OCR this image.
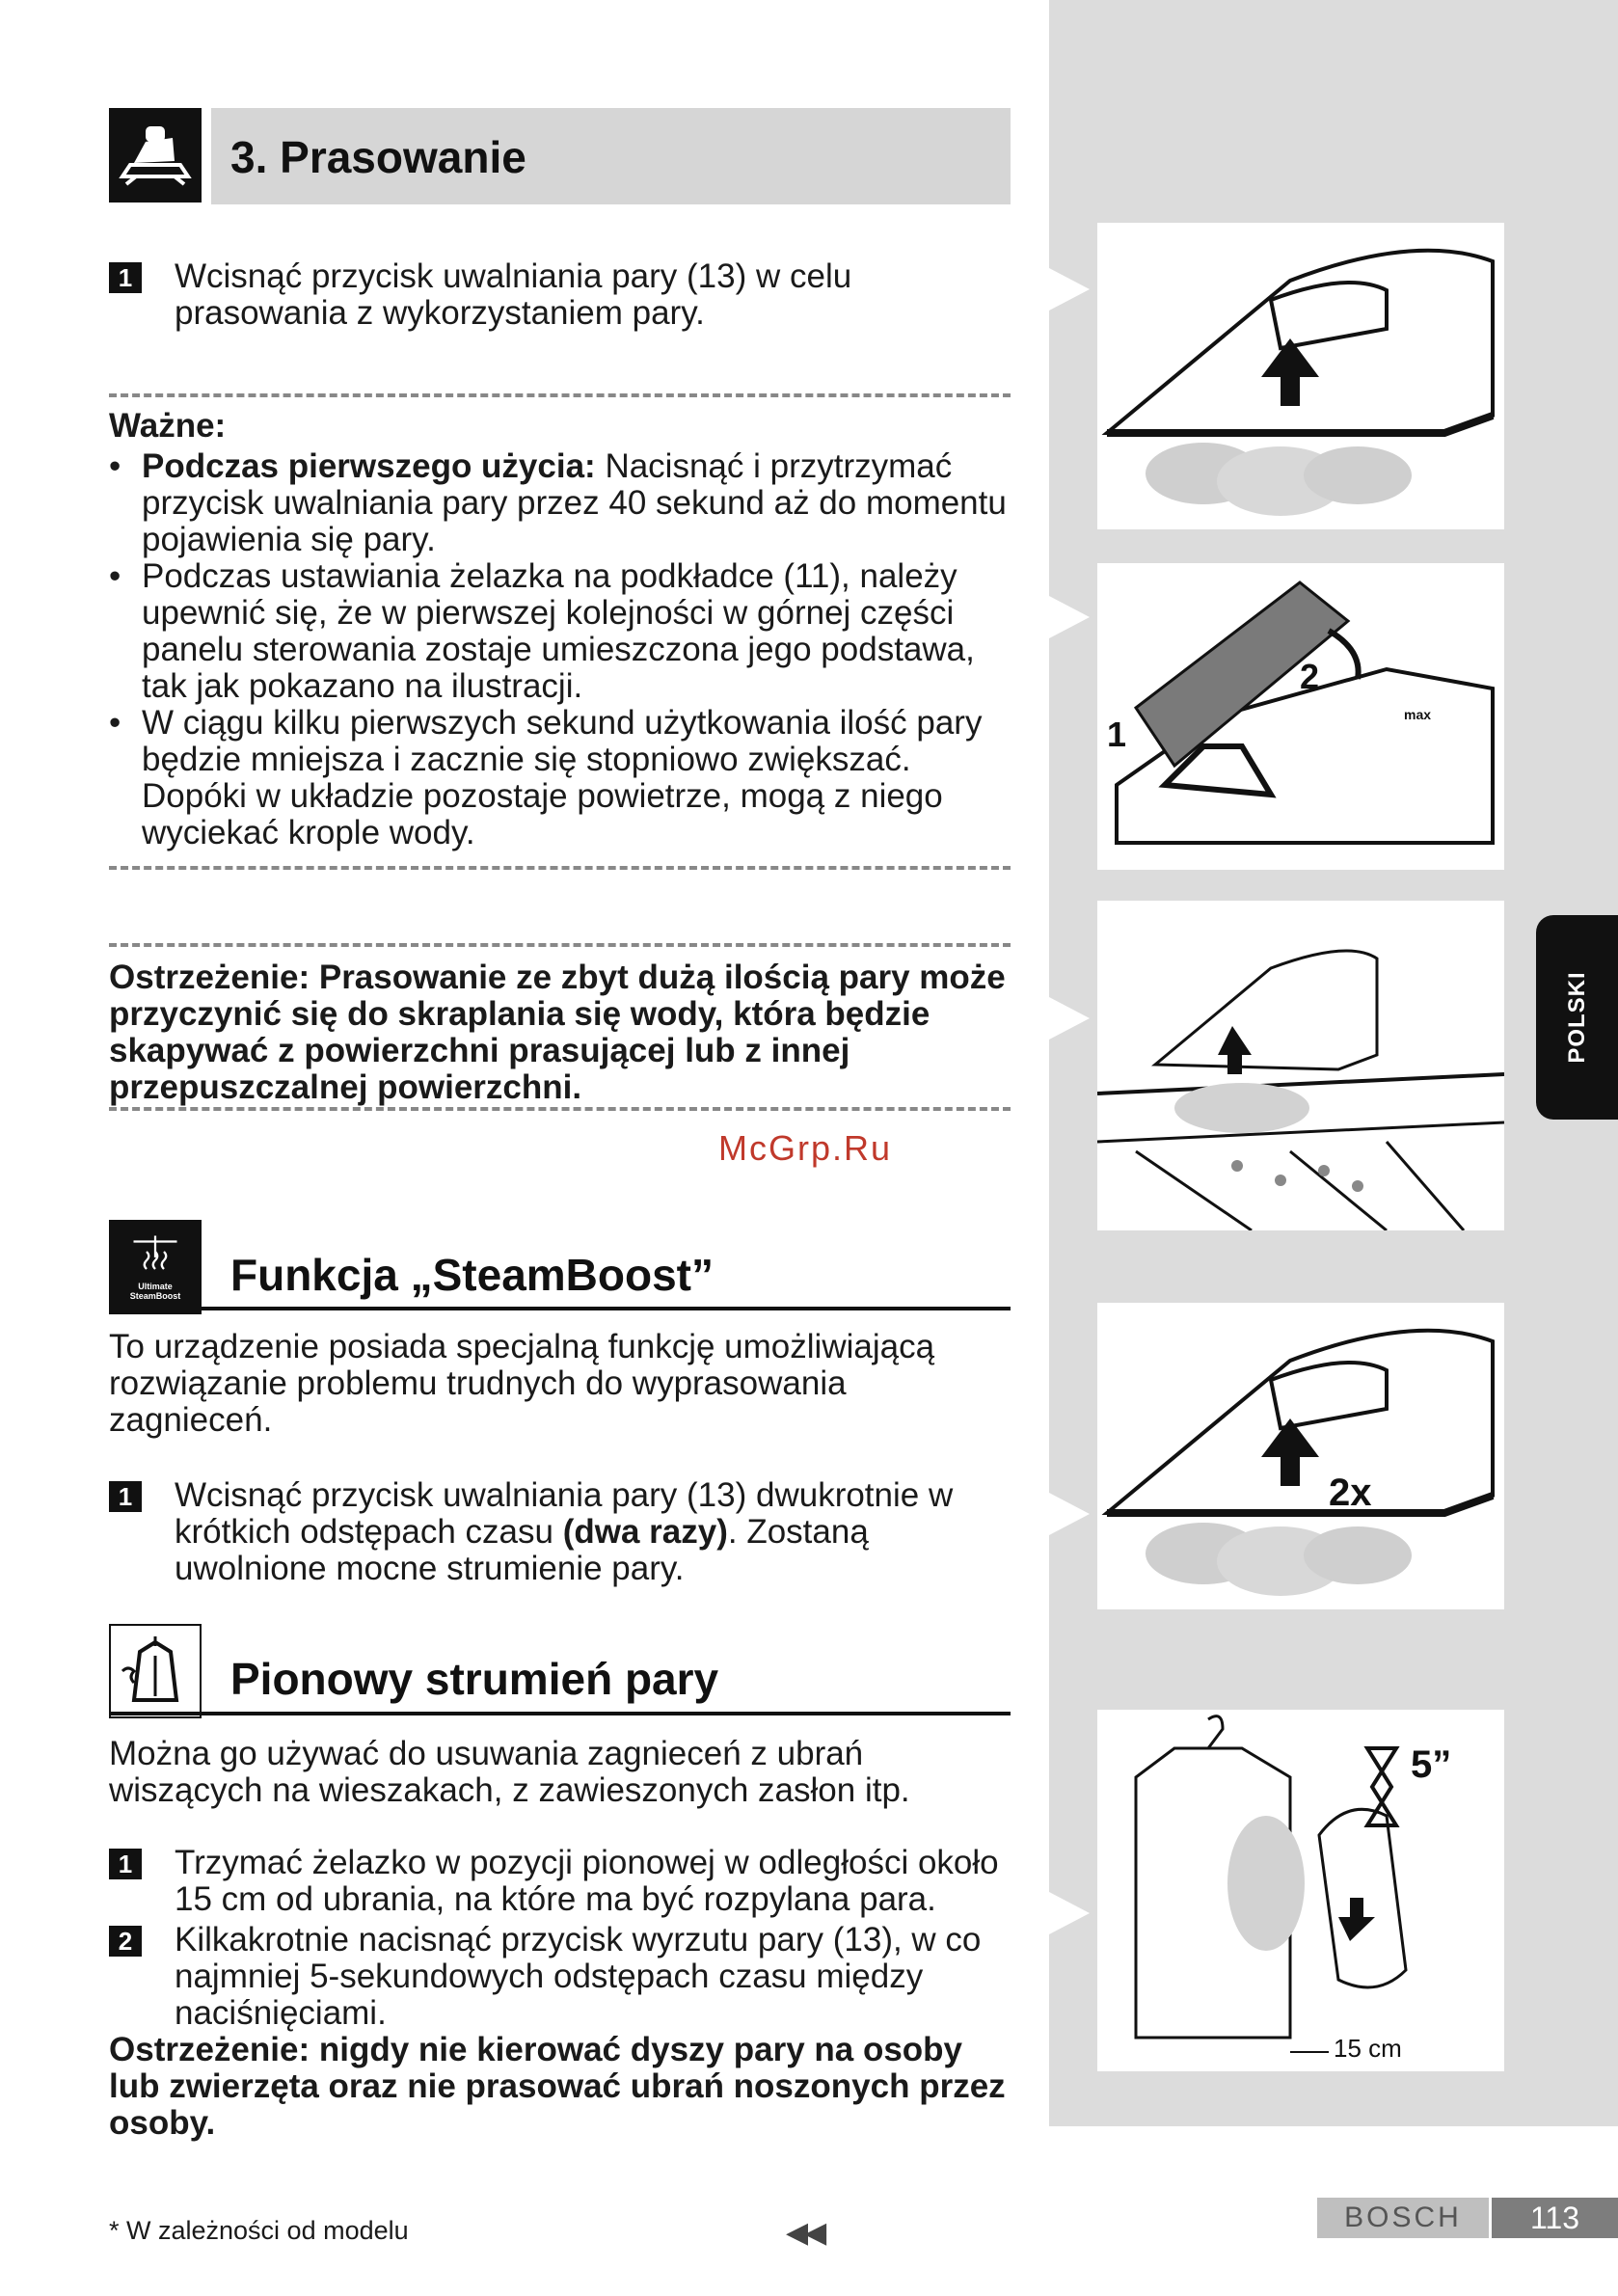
3. Prasowanie
1 Wcisnąć przycisk uwalniania pary (13) w celu prasowania z wykorzystaniem pary.
Ważne:
• Podczas pierwszego użycia: Nacisnąć i przytrzymać przycisk uwalniania pary przez 40 sekund aż do momentu pojawienia się pary.
• Podczas ustawiania żelazka na podkładce (11), należy upewnić się, że w pierwszej kolejności w górnej części panelu sterowania zostaje umieszczona jego podstawa, tak jak pokazano na ilustracji.
• W ciągu kilku pierwszych sekund użytkowania ilość pary będzie mniejsza i zacznie się stopniowo zwiększać. Dopóki w układzie pozostaje powietrze, mogą z niego wyciekać krople wody.
Ostrzeżenie: Prasowanie ze zbyt dużą ilością pary może przyczynić się do skraplania się wody, która będzie skapywać z powierzchni prasującej lub z innej przepuszczalnej powierzchni.
McGrp.Ru
Ultimate SteamBoost Funkcja „SteamBoost”
To urządzenie posiada specjalną funkcję umożliwiającą rozwiązanie problemu trudnych do wyprasowania zagnieceń.
1 Wcisnąć przycisk uwalniania pary (13) dwukrotnie w krótkich odstępach czasu (dwa razy). Zostaną uwolnione mocne strumienie pary.
Pionowy strumień pary
Można go używać do usuwania zagnieceń z ubrań wiszących na wieszakach, z zawieszonych zasłon itp.
1 Trzymać żelazko w pozycji pionowej w odległości około 15 cm od ubrania, na które ma być rozpylana para.
2 Kilkakrotnie nacisnąć przycisk wyrzutu pary (13), w co najmniej 5-sekundowych odstępach czasu między naciśnięciami.
Ostrzeżenie: nigdy nie kierować dyszy pary na osoby lub zwierzęta oraz nie prasować ubrań noszonych przez osoby.
2
1	max
2x
5”
15 cm
POLSKI
* W zależności od modelu	◀◀	BOSCH	113
